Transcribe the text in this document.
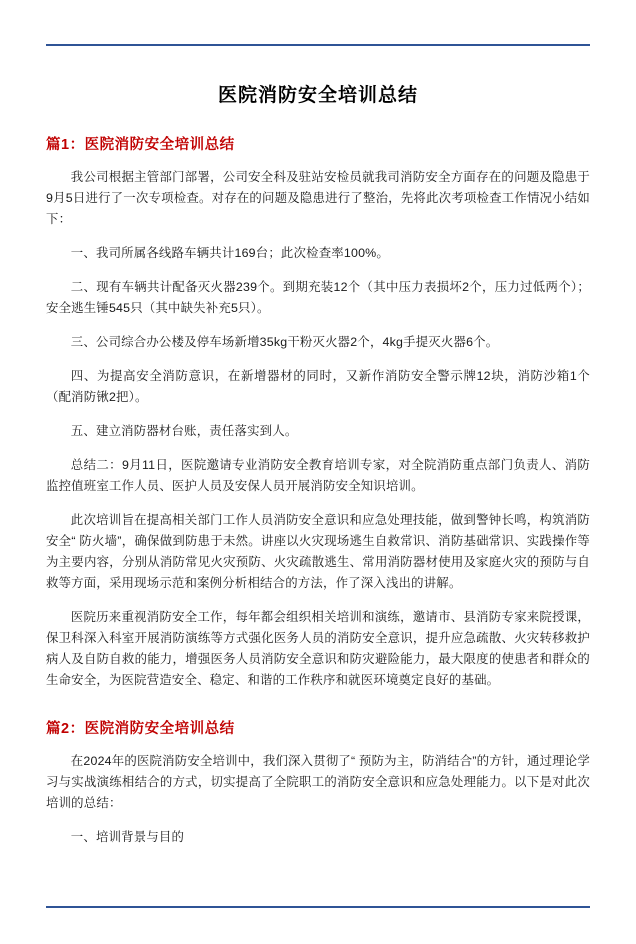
医院消防安全培训总结
篇1：医院消防安全培训总结

我公司根据主管部门部署，公司安全科及驻站安检员就我司消防安全方面存在的问题及隐患于9月5日进行了一次专项检查。对存在的问题及隐患进行了整治，先将此次考项检查工作情况小结如下：

一、我司所属各线路车辆共计169台；此次检查率100%。

二、现有车辆共计配备灭火器239个。到期充装12个（其中压力表损坏2个，压力过低两个）；安全逃生锤545只（其中缺失补充5只）。

三、公司综合办公楼及停车场新增35kg干粉灭火器2个，4kg手提灭火器6个。

四、为提高安全消防意识，在新增器材的同时，又新作消防安全警示牌12块，消防沙箱1个（配消防锹2把）。

五、建立消防器材台账，责任落实到人。

总结二：9月11日，医院邀请专业消防安全教育培训专家，对全院消防重点部门负责人、消防监控值班室工作人员、医护人员及安保人员开展消防安全知识培训。

此次培训旨在提高相关部门工作人员消防安全意识和应急处理技能，做到警钟长鸣，构筑消防安全“ 防火墙”，确保做到防患于未然。讲座以火灾现场逃生自救常识、消防基础常识、实践操作等为主要内容，分别从消防常见火灾预防、火灾疏散逃生、常用消防器材使用及家庭火灾的预防与自救等方面，采用现场示范和案例分析相结合的方法，作了深入浅出的讲解。

医院历来重视消防安全工作，每年都会组织相关培训和演练，邀请市、县消防专家来院授课，保卫科深入科室开展消防演练等方式强化医务人员的消防安全意识，提升应急疏散、火灾转移救护病人及自防自救的能力，增强医务人员消防安全意识和防灾避险能力，最大限度的使患者和群众的生命安全，为医院营造安全、稳定、和谐的工作秩序和就医环境奠定良好的基础。

篇2：医院消防安全培训总结

在2024年的医院消防安全培训中，我们深入贯彻了“ 预防为主，防消结合”的方针，通过理论学习与实战演练相结合的方式，切实提高了全院职工的消防安全意识和应急处理能力。以下是对此次培训的总结：

一、培训背景与目的
